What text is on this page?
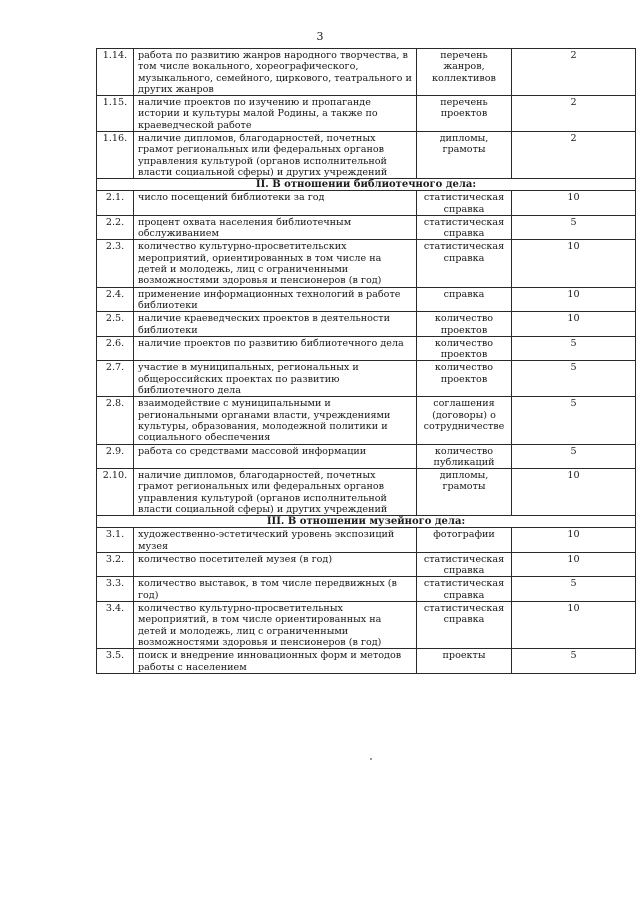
3
1.14.	работа по развитию жанров народного творчества, в том числе вокального, хореографического, музыкального, семейного, циркового, театрального и других жанров	перечень жанров, коллективов	2
1.15.	наличие проектов по изучению и пропаганде истории и культуры малой Родины, а также по краеведческой работе	перечень проектов	2
1.16.	наличие дипломов, благодарностей, почетных грамот региональных или федеральных органов управления культурой (органов исполнительной власти социальной сферы) и других учреждений	дипломы, грамоты	2
II. В отношении библиотечного дела:			
2.1.	число посещений библиотеки за год	статистическая справка	10
2.2.	процент охвата населения библиотечным обслуживанием	статистическая справка	5
2.3.	количество культурно-просветительских мероприятий, ориентированных в том числе на детей и молодежь, лиц с ограниченными возможностями здоровья и пенсионеров (в год)	статистическая справка	10
2.4.	применение информационных технологий в работе библиотеки	справка	10
2.5.	наличие краеведческих проектов в деятельности библиотеки	количество проектов	10
2.6.	наличие проектов по развитию библиотечного дела	количество проектов	5
2.7.	участие в муниципальных, региональных и общероссийских проектах по развитию библиотечного дела	количество проектов	5
2.8.	взаимодействие с муниципальными и региональными органами власти, учреждениями культуры, образования, молодежной политики и социального обеспечения	соглашения (договоры) о сотрудничестве	5
2.9.	работа со средствами массовой информации	количество публикаций	5
2.10.	наличие дипломов, благодарностей, почетных грамот региональных или федеральных органов управления культурой (органов исполнительной власти социальной сферы) и других учреждений	дипломы, грамоты	10
III. В отношении музейного дела:			
3.1.	художественно-эстетический уровень экспозиций музея	фотографии	10
3.2.	количество посетителей музея (в год)	статистическая справка	10
3.3.	количество выставок, в том числе передвижных (в год)	статистическая справка	5
3.4.	количество культурно-просветительных мероприятий, в том числе ориентированных на детей и молодежь, лиц с ограниченными возможностями здоровья и пенсионеров (в год)	статистическая справка	10
3.5.	поиск и внедрение инновационных форм и методов работы с населением	проекты	5
